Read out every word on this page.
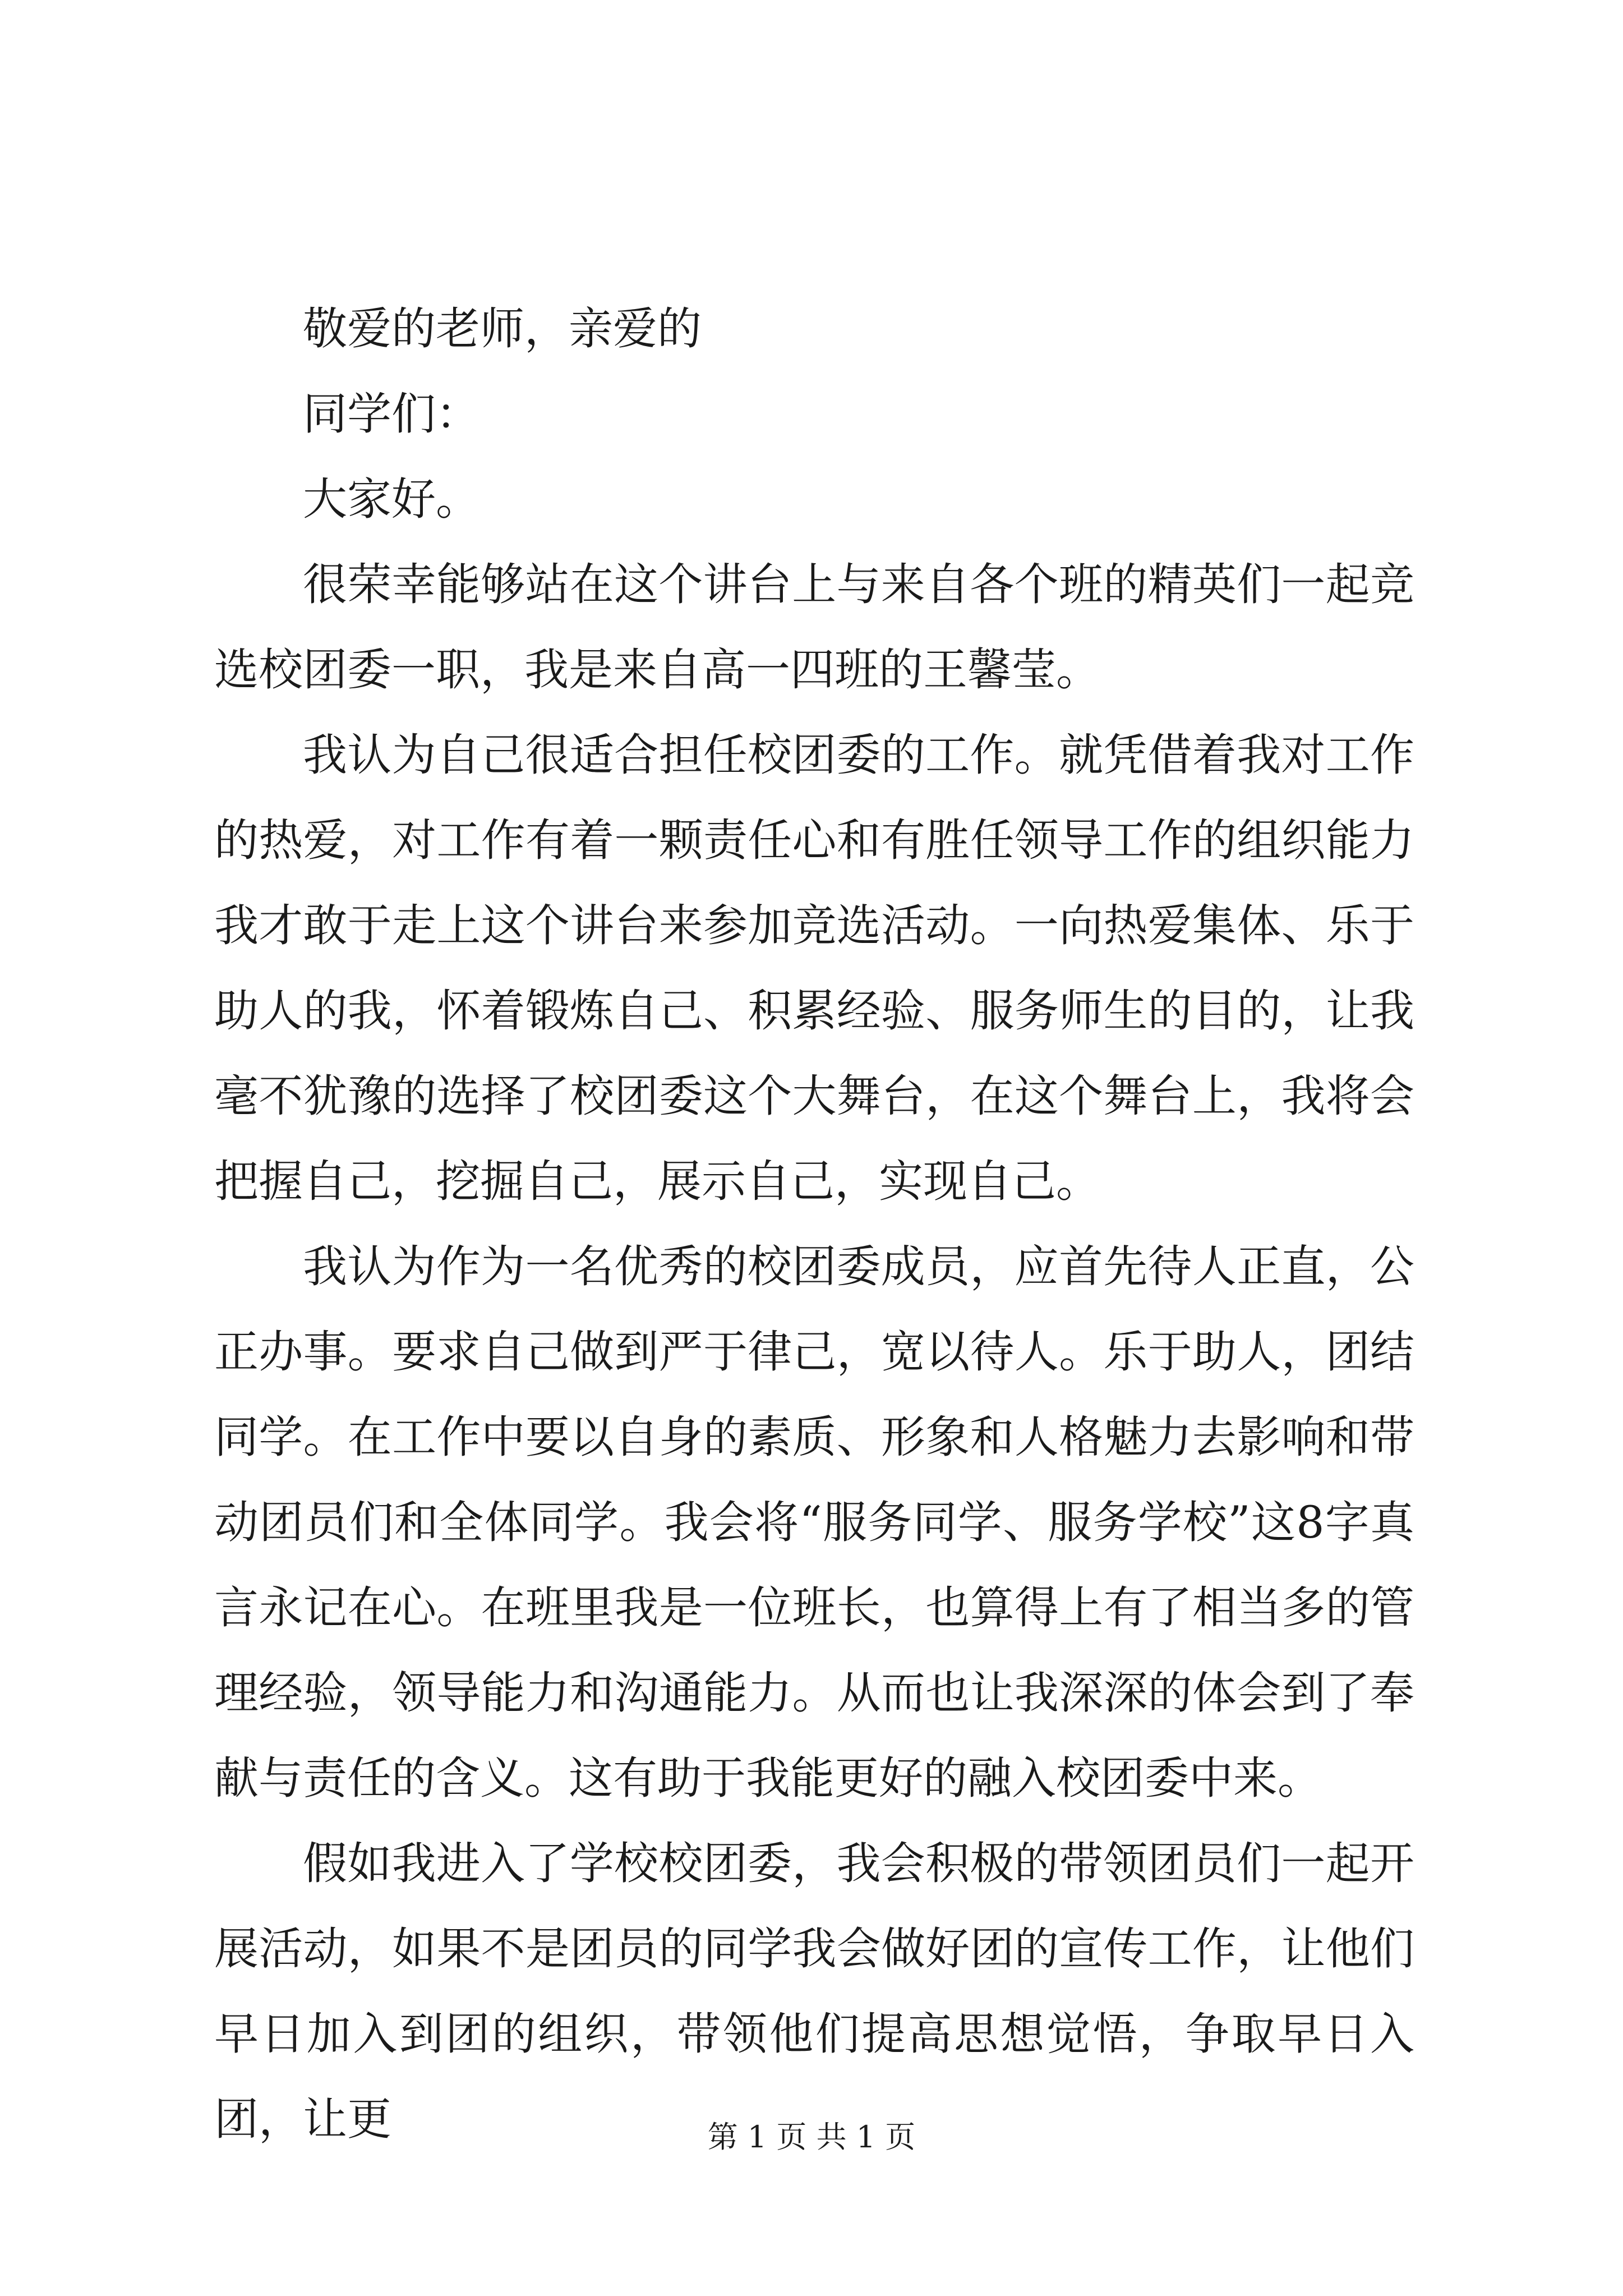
敬爱的老师，亲爱的

同学们：

大家好。

很荣幸能够站在这个讲台上与来自各个班的精英们一起竞选校团委一职，我是来自高一四班的王馨莹。

我认为自己很适合担任校团委的工作。就凭借着我对工作的热爱，对工作有着一颗责任心和有胜任领导工作的组织能力我才敢于走上这个讲台来参加竞选活动。一向热爱集体、乐于助人的我，怀着锻炼自己、积累经验、服务师生的目的，让我毫不犹豫的选择了校团委这个大舞台，在这个舞台上，我将会把握自己，挖掘自己，展示自己，实现自己。

我认为作为一名优秀的校团委成员，应首先待人正直，公正办事。要求自己做到严于律己，宽以待人。乐于助人，团结同学。在工作中要以自身的素质、形象和人格魅力去影响和带动团员们和全体同学。我会将“服务同学、服务学校”这8字真言永记在心。在班里我是一位班长，也算得上有了相当多的管理经验，领导能力和沟通能力。从而也让我深深的体会到了奉献与责任的含义。这有助于我能更好的融入校团委中来。

假如我进入了学校校团委，我会积极的带领团员们一起开展活动，如果不是团员的同学我会做好团的宣传工作，让他们早日加入到团的组织，带领他们提高思想觉悟，争取早日入团，让更	第 1 页 共 1 页
